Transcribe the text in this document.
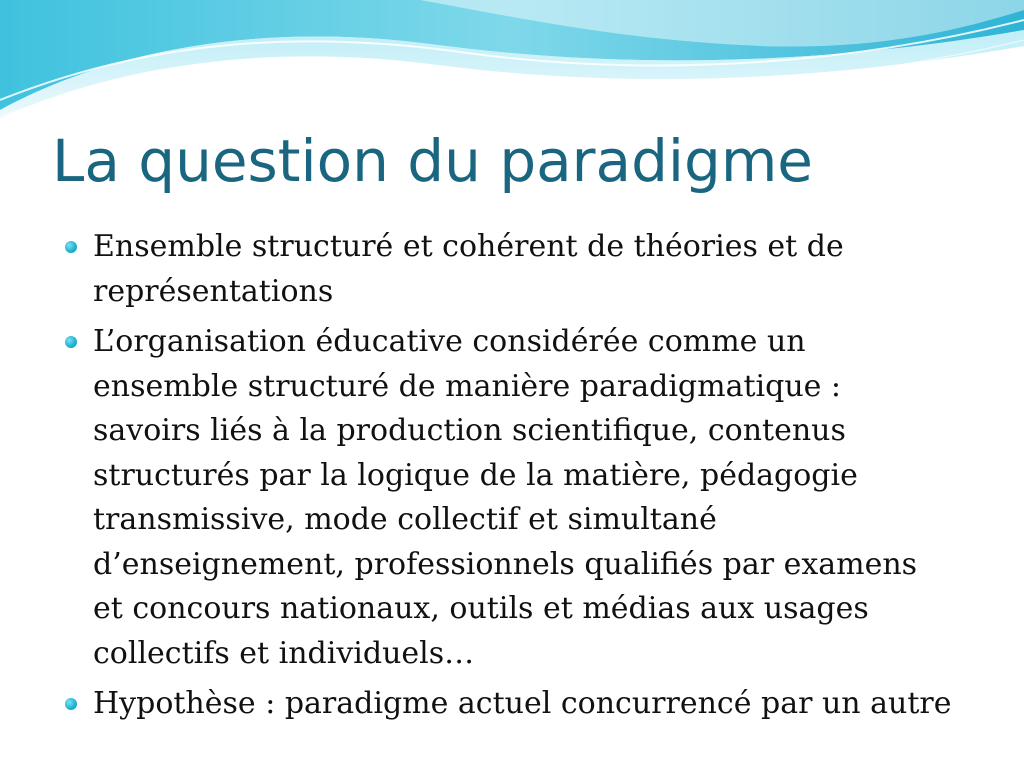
La question du paradigme
Ensemble structuré et cohérent de théories et de représentations
L’organisation éducative considérée comme un ensemble structuré de manière paradigmatique : savoirs liés à la production scientifique, contenus structurés par la logique de la matière, pédagogie transmissive, mode collectif et simultané d’enseignement, professionnels qualifiés par examens et concours nationaux, outils et médias aux usages collectifs et individuels…
Hypothèse : paradigme actuel concurrencé par un autre
